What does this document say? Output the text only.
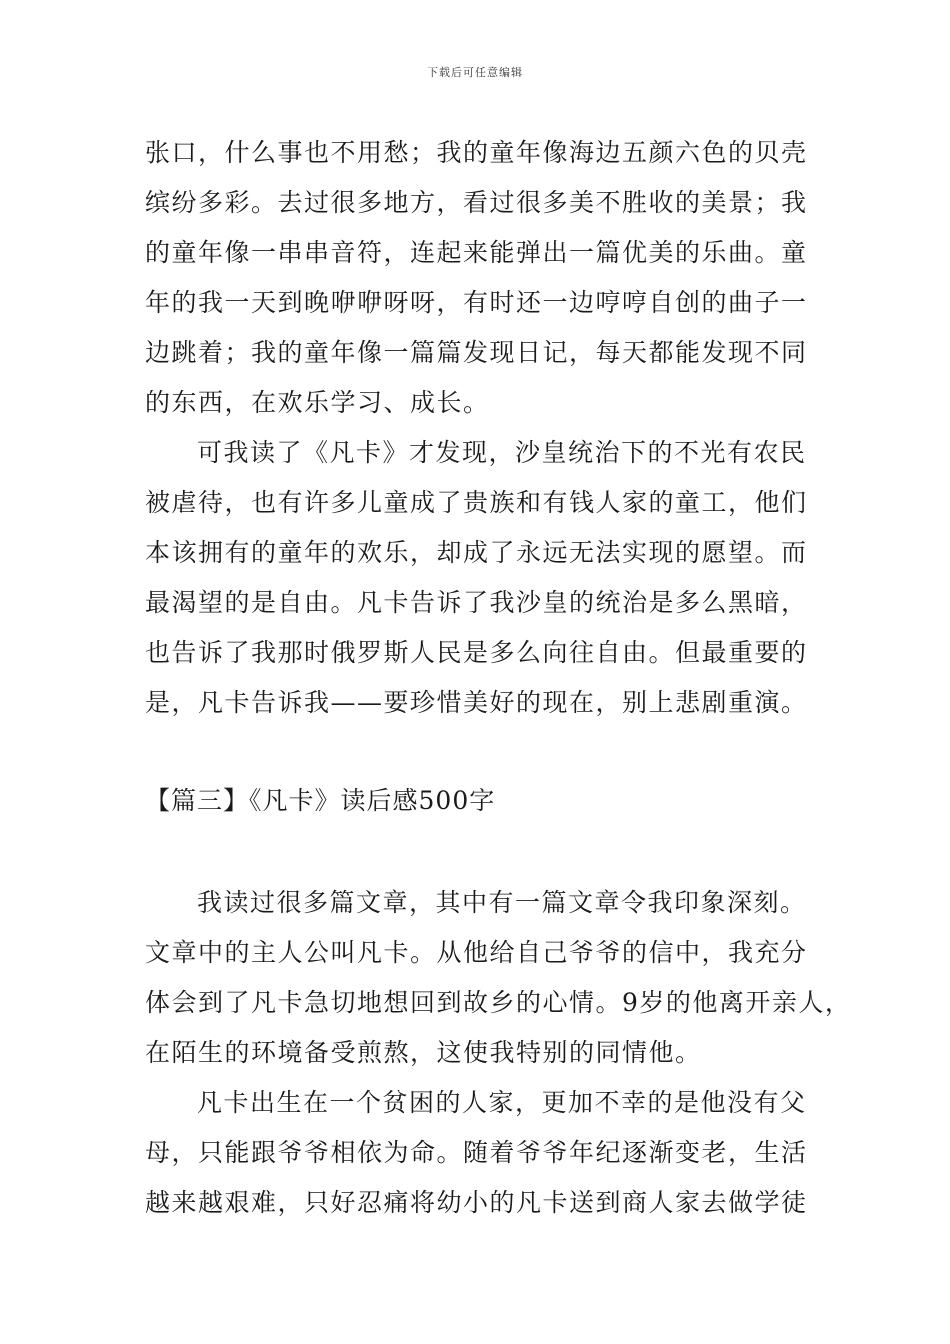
下载后可任意编辑
张口，什么事也不用愁；我的童年像海边五颜六色的贝壳
缤纷多彩。去过很多地方，看过很多美不胜收的美景；我
的童年像一串串音符，连起来能弹出一篇优美的乐曲。童
年的我一天到晚咿咿呀呀，有时还一边哼哼自创的曲子一
边跳着；我的童年像一篇篇发现日记，每天都能发现不同
的东西，在欢乐学习、成长。
可我读了《凡卡》才发现，沙皇统治下的不光有农民
被虐待，也有许多儿童成了贵族和有钱人家的童工，他们
本该拥有的童年的欢乐，却成了永远无法实现的愿望。而
最渴望的是自由。凡卡告诉了我沙皇的统治是多么黑暗，
也告诉了我那时俄罗斯人民是多么向往自由。但最重要的
是，凡卡告诉我——要珍惜美好的现在，别上悲剧重演。
【篇三】《凡卡》读后感500字
我读过很多篇文章，其中有一篇文章令我印象深刻。
文章中的主人公叫凡卡。从他给自己爷爷的信中，我充分
体会到了凡卡急切地想回到故乡的心情。9岁的他离开亲人，
在陌生的环境备受煎熬，这使我特别的同情他。
凡卡出生在一个贫困的人家，更加不幸的是他没有父
母，只能跟爷爷相依为命。随着爷爷年纪逐渐变老，生活
越来越艰难，只好忍痛将幼小的凡卡送到商人家去做学徒
